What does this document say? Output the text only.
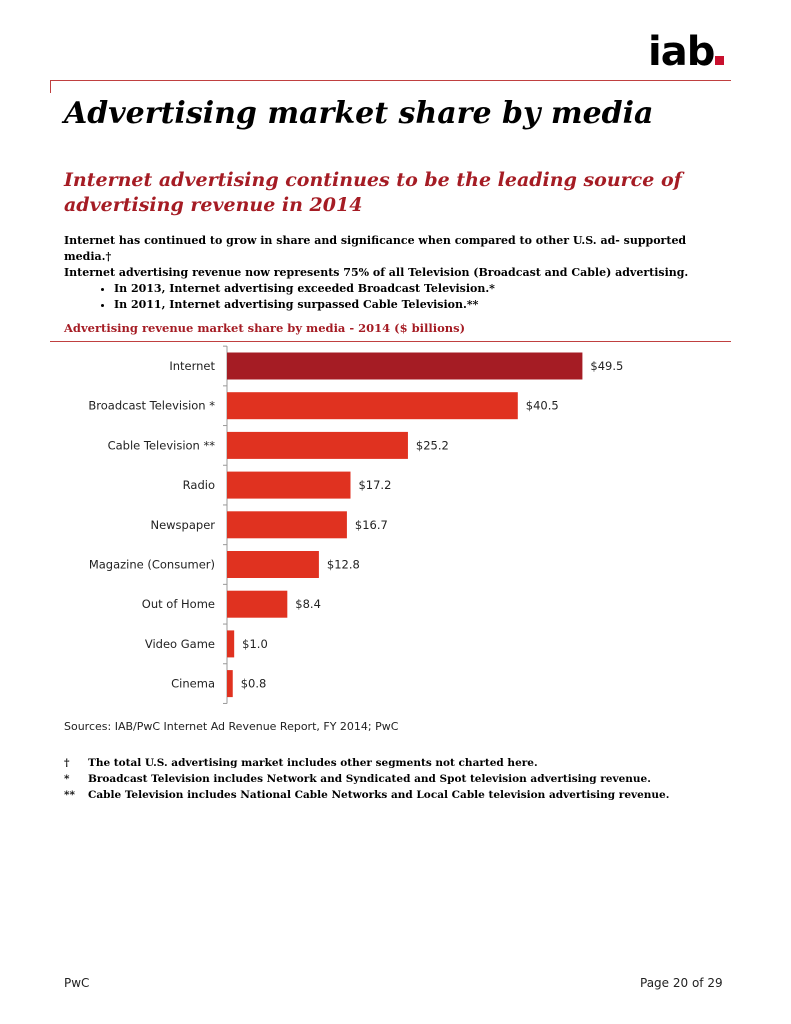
iab
Advertising market share by media
Internet advertising continues to be the leading source of advertising revenue in 2014

Internet has continued to grow in share and significance when compared to other U.S. ad- supported media.†

Internet advertising revenue now represents 75% of all Television (Broadcast and Cable) advertising.

• In 2013, Internet advertising exceeded Broadcast Television.*
• In 2011, Internet advertising surpassed Cable Television.**
Advertising revenue market share by media - 2014 ($ billions)
Internet	$49.5
Broadcast Television *	$40.5
Cable Television **	$25.2
Radio	$17.2
Newspaper	$16.7
Magazine (Consumer)	$12.8
Out of Home	$8.4
Video Game $1.0
Cinema $0.8
Sources: IAB/PwC Internet Ad Revenue Report, FY 2014; PwC
† The total U.S. advertising market includes other segments not charted here.
* Broadcast Television includes Network and Syndicated and Spot television advertising revenue.
** Cable Television includes National Cable Networks and Local Cable television advertising revenue.
PwC	Page 20 of 29
